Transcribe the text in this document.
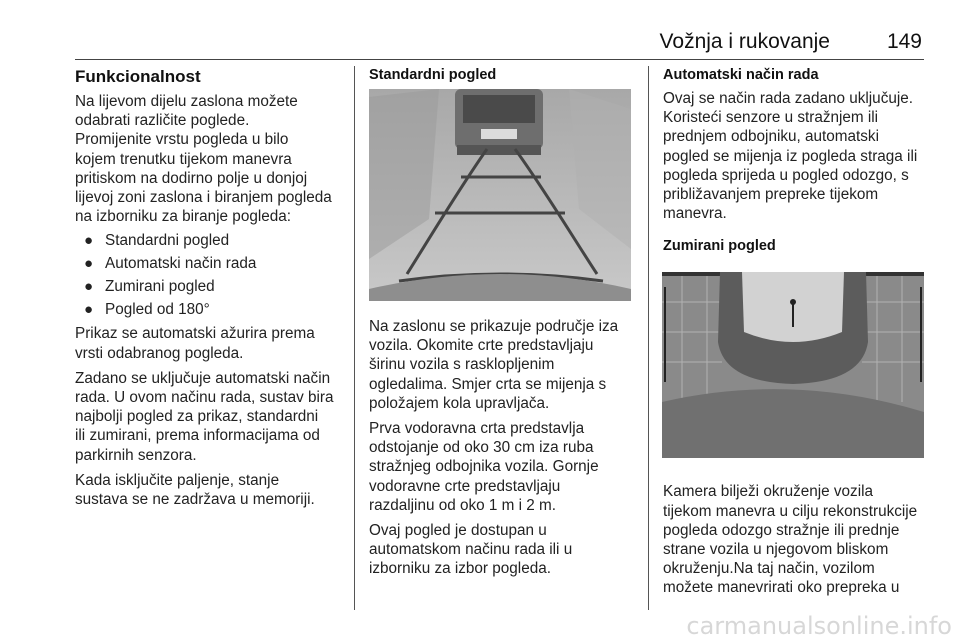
Vožnja i rukovanje	149
Funkcionalnost

Na lijevom dijelu zaslona možete
odabrati različite poglede.
Promijenite vrstu pogleda u bilo
kojem trenutku tijekom manevra
pritiskom na dodirno polje u donjoj
lijevoj zoni zaslona i biranjem pogleda
na izborniku za biranje pogleda:

● Standardni pogled
● Automatski način rada
● Zumirani pogled
● Pogled od 180°

Prikaz se automatski ažurira prema
vrsti odabranog pogleda.

Zadano se uključuje automatski način
rada. U ovom načinu rada, sustav bira
najbolji pogled za prikaz, standardni
ili zumirani, prema informacijama od
parkirnih senzora.

Kada isključite paljenje, stanje
sustava se ne zadržava u memoriji.

Standardni pogled

Na zaslonu se prikazuje područje iza
vozila. Okomite crte predstavljaju
širinu vozila s rasklopljenim
ogledalima. Smjer crta se mijenja s
položajem kola upravljača.

Prva vodoravna crta predstavlja
odstojanje od oko 30 cm iza ruba
stražnjeg odbojnika vozila. Gornje
vodoravne crte predstavljaju
razdaljinu od oko 1 m i 2 m.

Ovaj pogled je dostupan u
automatskom načinu rada ili u
izborniku za izbor pogleda.

Automatski način rada

Ovaj se način rada zadano uključuje.
Koristeći senzore u stražnjem ili
prednjem odbojniku, automatski
pogled se mijenja iz pogleda straga ili
pogleda sprijeda u pogled odozgo, s
približavanjem prepreke tijekom
manevra.

Zumirani pogled

Kamera bilježi okruženje vozila
tijekom manevra u cilju rekonstrukcije
pogleda odozgo stražnje ili prednje
strane vozila u njegovom bliskom
okruženju.Na taj način, vozilom
možete manevrirati oko prepreka u

carmanualsonline.info
